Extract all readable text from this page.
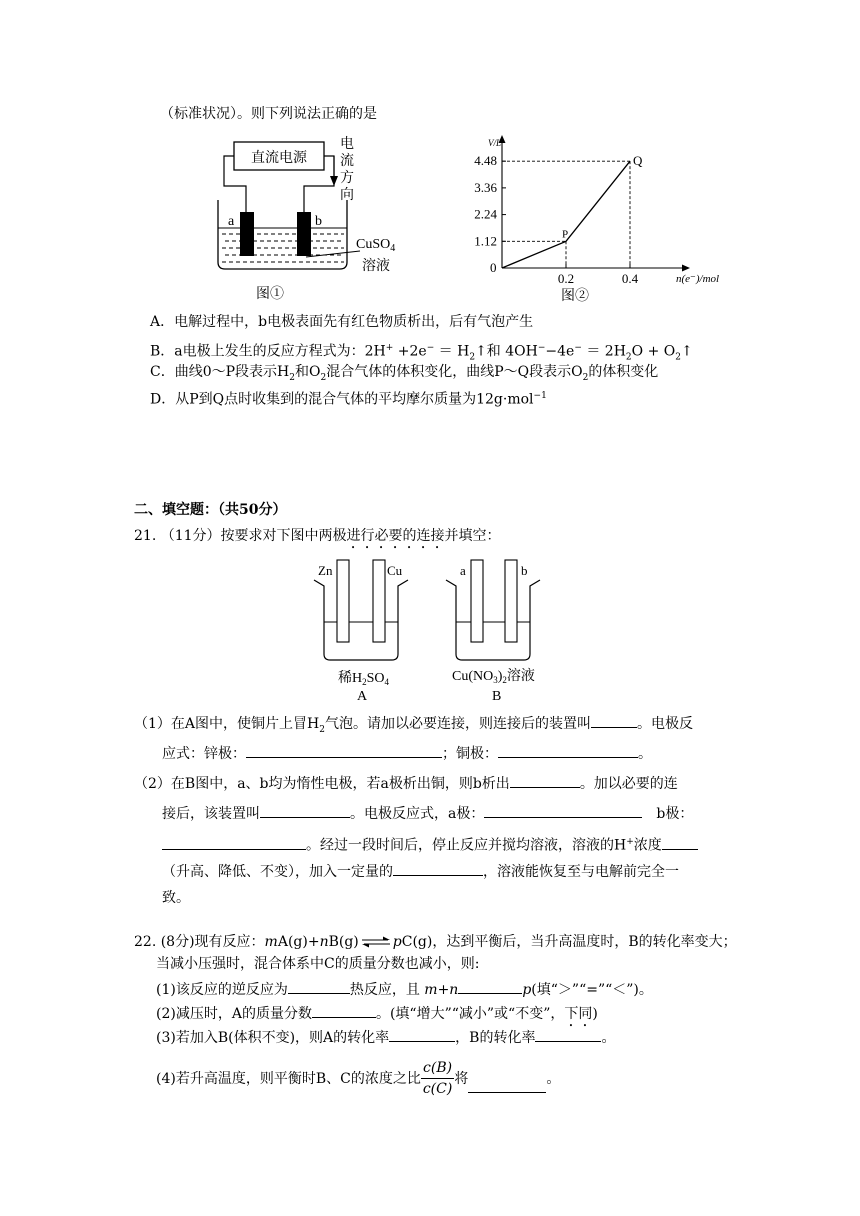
（标准状况）。则下列说法正确的是
直流电源
电
流
方
向
a	b
CuSO$_4$
溶液
图①
V/L
n(e⁻)/mol
0
1.12
2.24
3.36
4.48
0.2	0.4
P
Q
图②
A．电解过程中，b电极表面先有红色物质析出，后有气泡产生
B．a电极上发生的反应方程式为：$2H^+ +2e^- = H_2↑$和 $4OH^--4e^- = 2H_2O$ + $O_2↑$
C．曲线0～P段表示$H_2$和$O_2$混合气体的体积变化，曲线P～Q段表示$O_2$的体积变化
D．从P到Q点时收集到的混合气体的平均摩尔质量为12g·mol$^{-1}$
二、填空题：（共50分）
21. （11分）按要求对下图中两极进行必要的连接并填空：
Zn	Cu
稀$H_2SO_4$
A
a	b
$Cu(NO_3)_2$溶液
B
（1）在A图中，使铜片上冒$H_2$气泡。请加以必要连接，则连接后的装置叫	。电极反
应式：锌极：	；铜极：	。
（2）在B图中，a、b均为惰性电极，若a极析出铜，则b析出	。加以必要的连
接后，该装置叫	。电极反应式，a极：	b极：
。经过一段时间后，停止反应并搅均溶液，溶液的H+浓度
（升高、降低、不变），加入一定量的	，溶液能恢复至与电解前完全一
致。
22. (8分)现有反应：mA(g)+nB(g) ⇌ pC(g)，达到平衡后，当升高温度时，B的转化率变大；
当减小压强时，混合体系中C的质量分数也减小，则:
(1)该反应的逆反应为	热反应，且 m+n	p(填“＞”“=”“＜”)。
(2)减压时，A的质量分数	。(填“增大”“减小”或“不变”，下同)
(3)若加入B(体积不变)，则A的转化率	，B的转化率	。
(4)若升高温度，则平衡时B、C的浓度之比 $\frac{c(B)}{c(C)}$ 将	。
